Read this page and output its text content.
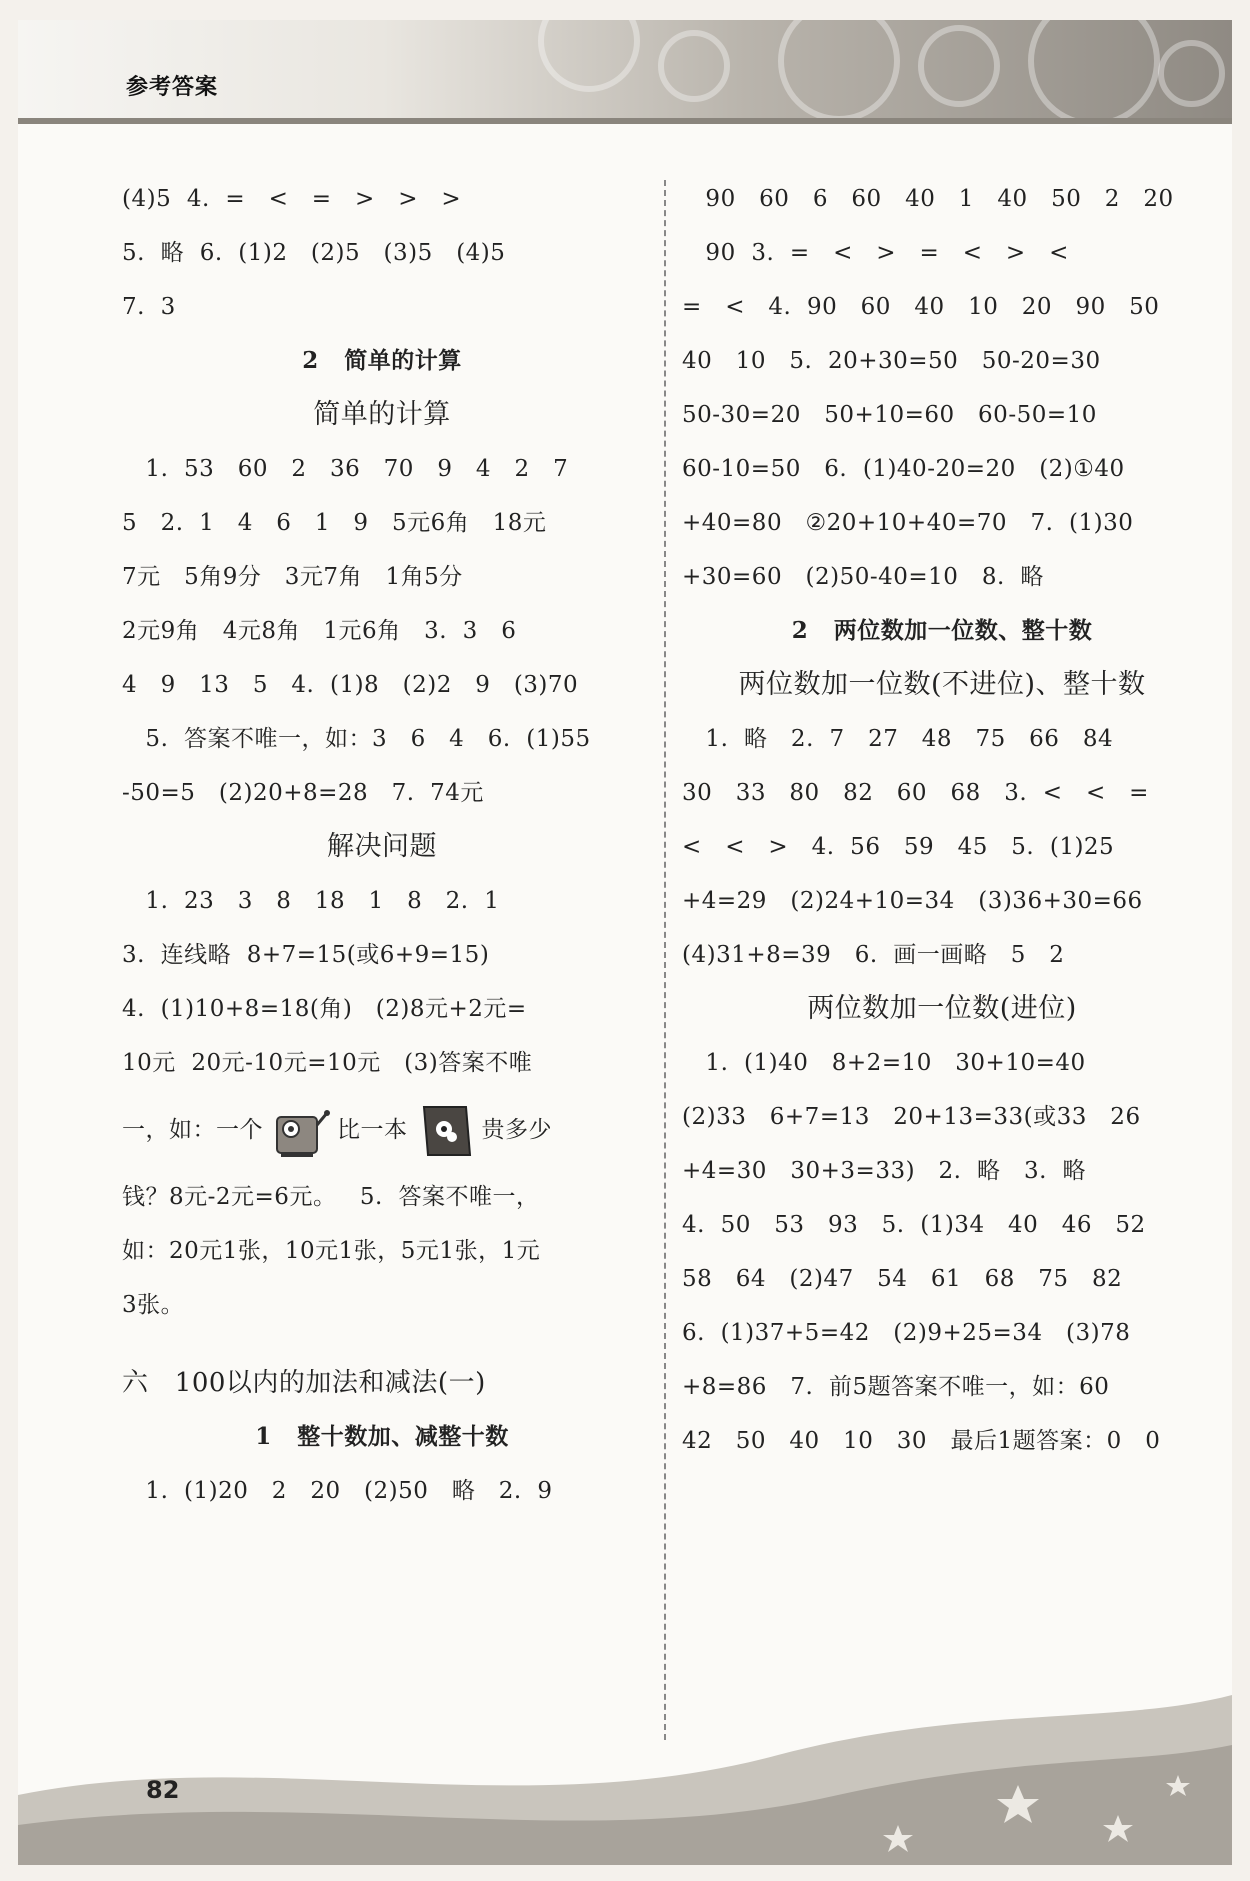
参考答案
(4)5  4.  =   <   =   >   >   >
5.  略  6.  (1)2   (2)5   (3)5   (4)5
7.  3
2   简单的计算
简单的计算
1.  53   60   2   36   70   9   4   2   7
5   2.  1   4   6   1   9   5元6角   18元
7元   5角9分   3元7角   1角5分
2元9角   4元8角   1元6角   3.  3   6
4   9   13   5   4.  (1)8   (2)2   9   (3)70
5.  答案不唯一，如：3   6   4   6.  (1)55
-50=5   (2)20+8=28   7.  74元
解决问题
1.  23   3   8   18   1   8   2.  1
3.  连线略  8+7=15(或6+9=15)
4.  (1)10+8=18(角)   (2)8元+2元=
10元  20元-10元=10元   (3)答案不唯
一，如：一个	比一本	贵多少
钱？8元-2元=6元。   5.  答案不唯一，
如：20元1张，10元1张，5元1张，1元
3张。
六   100以内的加法和减法(一)
1   整十数加、减整十数
1.  (1)20   2   20   (2)50   略   2.  9
90   60   6   60   40   1   40   50   2   20
90  3.  =   <   >   =   <   >   <
=   <   4.  90   60   40   10   20   90   50
40   10   5.  20+30=50   50-20=30
50-30=20   50+10=60   60-50=10
60-10=50   6.  (1)40-20=20   (2)①40
+40=80   ②20+10+40=70   7.  (1)30
+30=60   (2)50-40=10   8.  略
2   两位数加一位数、整十数
两位数加一位数(不进位)、整十数
1.  略   2.  7   27   48   75   66   84
30   33   80   82   60   68   3.  <   <   =
<   <   >   4.  56   59   45   5.  (1)25
+4=29   (2)24+10=34   (3)36+30=66
(4)31+8=39   6.  画一画略   5   2
两位数加一位数(进位)
1.  (1)40   8+2=10   30+10=40
(2)33   6+7=13   20+13=33(或33   26
+4=30   30+3=33)   2.  略   3.  略
4.  50   53   93   5.  (1)34   40   46   52
58   64   (2)47   54   61   68   75   82
6.  (1)37+5=42   (2)9+25=34   (3)78
+8=86   7.  前5题答案不唯一，如：60
42   50   40   10   30   最后1题答案：0   0
82
